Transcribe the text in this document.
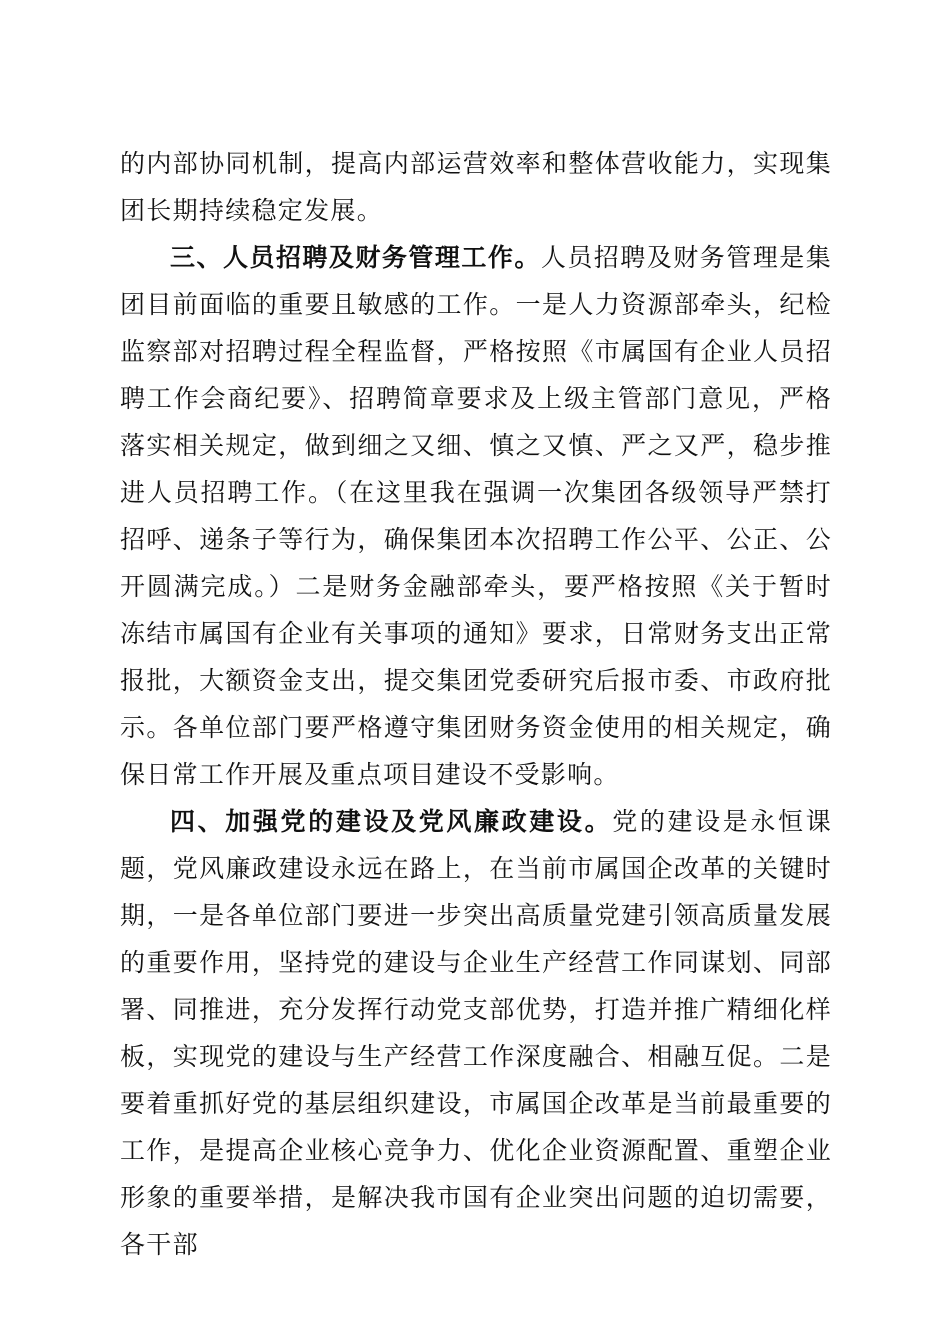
的内部协同机制，提高内部运营效率和整体营收能力，实现集团长期持续稳定发展。

三、人员招聘及财务管理工作。人员招聘及财务管理是集团目前面临的重要且敏感的工作。一是人力资源部牵头，纪检监察部对招聘过程全程监督，严格按照《市属国有企业人员招聘工作会商纪要》、招聘简章要求及上级主管部门意见，严格落实相关规定，做到细之又细、慎之又慎、严之又严，稳步推进人员招聘工作。（在这里我在强调一次集团各级领导严禁打招呼、递条子等行为，确保集团本次招聘工作公平、公正、公开圆满完成。）二是财务金融部牵头，要严格按照《关于暂时冻结市属国有企业有关事项的通知》要求，日常财务支出正常报批，大额资金支出，提交集团党委研究后报市委、市政府批示。各单位部门要严格遵守集团财务资金使用的相关规定，确保日常工作开展及重点项目建设不受影响。

四、加强党的建设及党风廉政建设。党的建设是永恒课题，党风廉政建设永远在路上，在当前市属国企改革的关键时期，一是各单位部门要进一步突出高质量党建引领高质量发展的重要作用，坚持党的建设与企业生产经营工作同谋划、同部署、同推进，充分发挥行动党支部优势，打造并推广精细化样板，实现党的建设与生产经营工作深度融合、相融互促。二是要着重抓好党的基层组织建设，市属国企改革是当前最重要的工作，是提高企业核心竞争力、优化企业资源配置、重塑企业形象的重要举措，是解决我市国有企业突出问题的迫切需要，各干部
